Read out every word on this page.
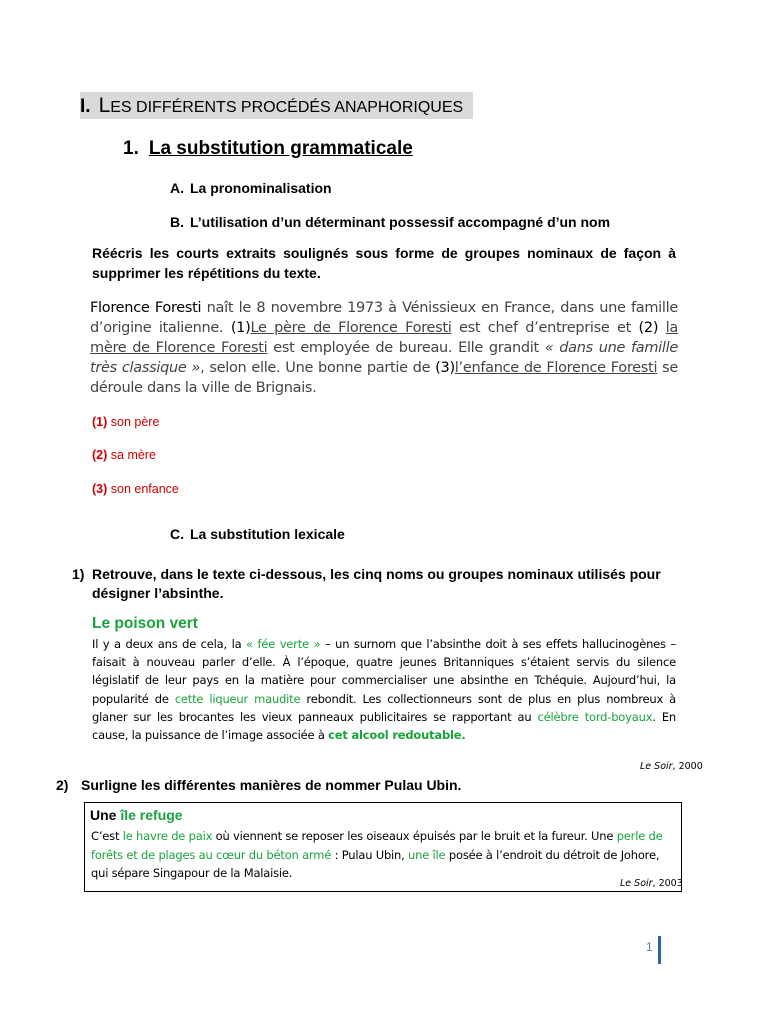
I. LES DIFFÉRENTS PROCÉDÉS ANAPHORIQUES
1. La substitution grammaticale
A. La pronominalisation
B. L’utilisation d’un déterminant possessif accompagné d’un nom
Réécris les courts extraits soulignés sous forme de groupes nominaux de façon à supprimer les répétitions du texte.
Florence Foresti naît le 8 novembre 1973 à Vénissieux en France, dans une famille d’origine italienne. (1)Le père de Florence Foresti est chef d’entreprise et (2) la mère de Florence Foresti est employée de bureau. Elle grandit « dans une famille très classique », selon elle. Une bonne partie de (3)l’enfance de Florence Foresti se déroule dans la ville de Brignais.
(1) son père
(2) sa mère
(3) son enfance
C. La substitution lexicale
1) Retrouve, dans le texte ci-dessous, les cinq noms ou groupes nominaux utilisés pour
désigner l’absinthe.
Le poison vert
Il y a deux ans de cela, la « fée verte » – un surnom que l’absinthe doit à ses effets hallucinogènes – faisait à nouveau parler d’elle. À l’époque, quatre jeunes Britanniques s’étaient servis du silence législatif de leur pays en la matière pour commercialiser une absinthe en Tchéquie. Aujourd’hui, la popularité de cette liqueur maudite rebondit. Les collectionneurs sont de plus en plus nombreux à glaner sur les brocantes les vieux panneaux publicitaires se rapportant au célèbre tord-boyaux. En cause, la puissance de l’image associée à cet alcool redoutable.
Le Soir, 2000
2) Surligne les différentes manières de nommer Pulau Ubin.
Une île refuge
C’est le havre de paix où viennent se reposer les oiseaux épuisés par le bruit et la fureur. Une perle de forêts et de plages au cœur du béton armé : Pulau Ubin, une île posée à l’endroit du détroit de Johore, qui sépare Singapour de la Malaisie.
Le Soir, 2003
1
